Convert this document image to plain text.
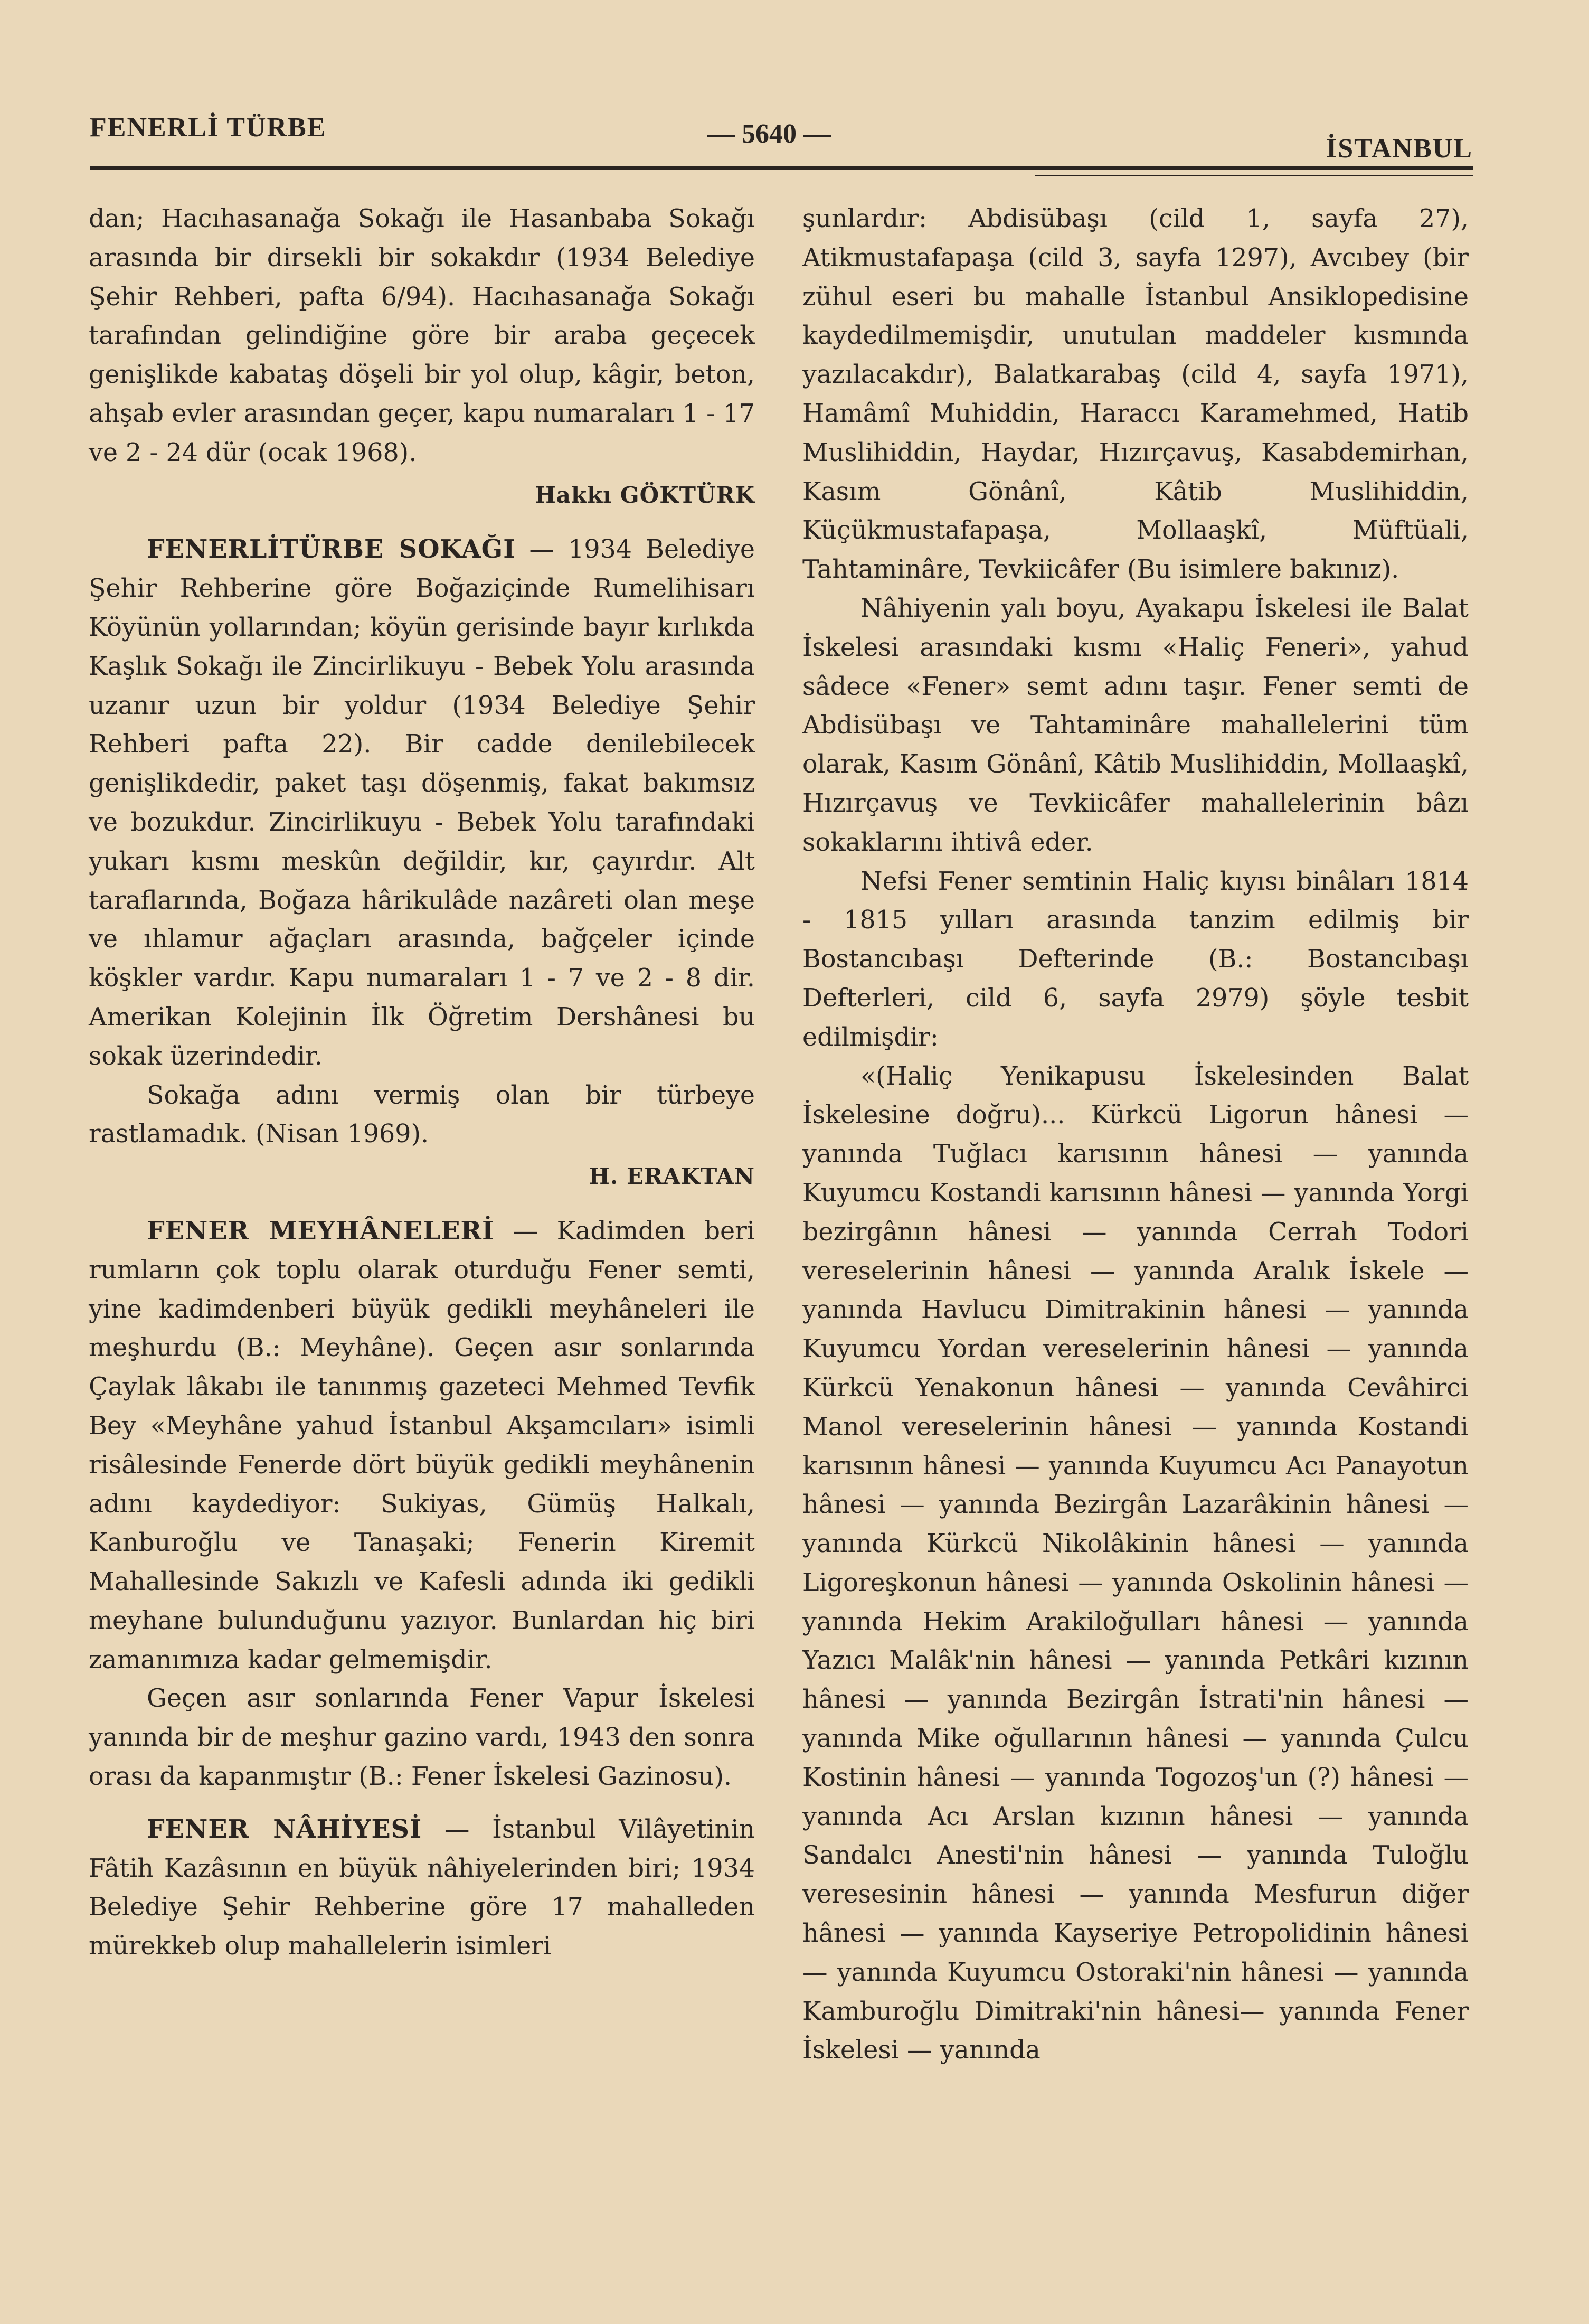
FENERLİ TÜRBE	— 5640 —	İSTANBUL

dan; Hacıhasanağa Sokağı ile Hasanbaba Sokağı arasında bir dirsekli bir sokakdır (1934 Belediye Şehir Rehberi, pafta 6/94). Hacıhasanağa Sokağı tarafından gelindiğine göre bir araba geçecek genişlikde kabataş döşeli bir yol olup, kâgir, beton, ahşab evler arasından geçer, kapu numaraları 1 - 17 ve 2 - 24 dür (ocak 1968).

Hakkı GÖKTÜRK

FENERLİTÜRBE SOKAĞI — 1934 Belediye Şehir Rehberine göre Boğaziçinde Rumelihisarı Köyünün yollarından; köyün gerisinde bayır kırlıkda Kaşlık Sokağı ile Zincirlikuyu - Bebek Yolu arasında uzanır uzun bir yoldur (1934 Belediye Şehir Rehberi pafta 22). Bir cadde denilebilecek genişlikdedir, paket taşı döşenmiş, fakat bakımsız ve bozukdur. Zincirlikuyu - Bebek Yolu tarafındaki yukarı kısmı meskûn değildir, kır, çayırdır. Alt taraflarında, Boğaza hârikulâde nazâreti olan meşe ve ıhlamur ağaçları arasında, bağçeler içinde köşkler vardır. Kapu numaraları 1 - 7 ve 2 - 8 dir. Amerikan Kolejinin İlk Öğretim Dershânesi bu sokak üzerindedir.

Sokağa adını vermiş olan bir türbeye rastlamadık. (Nisan 1969).

H. ERAKTAN

FENER MEYHÂNELERİ — Kadimden beri rumların çok toplu olarak oturduğu Fener semti, yine kadimdenberi büyük gedikli meyhâneleri ile meşhurdu (B.: Meyhâne). Geçen asır sonlarında Çaylak lâkabı ile tanınmış gazeteci Mehmed Tevfik Bey «Meyhâne yahud İstanbul Akşamcıları» isimli risâlesinde Fenerde dört büyük gedikli meyhânenin adını kaydediyor: Sukiyas, Gümüş Halkalı, Kanburoğlu ve Tanaşaki; Fenerin Kiremit Mahallesinde Sakızlı ve Kafesli adında iki gedikli meyhane bulunduğunu yazıyor. Bunlardan hiç biri zamanımıza kadar gelmemişdir.

Geçen asır sonlarında Fener Vapur İskelesi yanında bir de meşhur gazino vardı, 1943 den sonra orası da kapanmıştır (B.: Fener İskelesi Gazinosu).

FENER NÂHİYESİ — İstanbul Vilâyetinin Fâtih Kazâsının en büyük nâhiyelerinden biri; 1934 Belediye Şehir Rehberine göre 17 mahalleden mürekkeb olup mahallelerin isimleri

şunlardır: Abdisübaşı (cild 1, sayfa 27), Atikmustafapaşa (cild 3, sayfa 1297), Avcıbey (bir zühul eseri bu mahalle İstanbul Ansiklopedisine kaydedilmemişdir, unutulan maddeler kısmında yazılacakdır), Balatkarabaş (cild 4, sayfa 1971), Hamâmî Muhiddin, Haraccı Karamehmed, Hatib Muslihiddin, Haydar, Hızırçavuş, Kasabdemirhan, Kasım Gönânî, Kâtib Muslihiddin, Küçükmustafapaşa, Mollaaşkî, Müftüali, Tahtaminâre, Tevkiicâfer (Bu isimlere bakınız).

Nâhiyenin yalı boyu, Ayakapu İskelesi ile Balat İskelesi arasındaki kısmı «Haliç Feneri», yahud sâdece «Fener» semt adını taşır. Fener semti de Abdisübaşı ve Tahtaminâre mahallelerini tüm olarak, Kasım Gönânî, Kâtib Muslihiddin, Mollaaşkî, Hızırçavuş ve Tevkiicâfer mahallelerinin bâzı sokaklarını ihtivâ eder.

Nefsi Fener semtinin Haliç kıyısı binâları 1814 - 1815 yılları arasında tanzim edilmiş bir Bostancıbaşı Defterinde (B.: Bostancıbaşı Defterleri, cild 6, sayfa 2979) şöyle tesbit edilmişdir:

«(Haliç Yenikapusu İskelesinden Balat İskelesine doğru)... Kürkcü Ligorun hânesi — yanında Tuğlacı karısının hânesi — yanında Kuyumcu Kostandi karısının hânesi — yanında Yorgi bezirgânın hânesi — yanında Cerrah Todori vereselerinin hânesi — yanında Aralık İskele — yanında Havlucu Dimitrakinin hânesi — yanında Kuyumcu Yordan vereselerinin hânesi — yanında Kürkcü Yenakonun hânesi — yanında Cevâhirci Manol vereselerinin hânesi — yanında Kostandi karısının hânesi — yanında Kuyumcu Acı Panayotun hânesi — yanında Bezirgân Lazarâkinin hânesi — yanında Kürkcü Nikolâkinin hânesi — yanında Ligoreşkonun hânesi — yanında Oskolinin hânesi — yanında Hekim Arakiloğulları hânesi — yanında Yazıcı Malâk'nin hânesi — yanında Petkâri kızının hânesi — yanında Bezirgân İstrati'nin hânesi — yanında Mike oğullarının hânesi — yanında Çulcu Kostinin hânesi — yanında Togozoş'un (?) hânesi — yanında Acı Arslan kızının hânesi — yanında Sandalcı Anesti'nin hânesi — yanında Tuloğlu veresesinin hânesi — yanında Mesfurun diğer hânesi — yanında Kayseriye Petropolidinin hânesi — yanında Kuyumcu Ostoraki'nin hânesi — yanında Kamburoğlu Dimitraki'nin hânesi— yanında Fener İskelesi — yanında
